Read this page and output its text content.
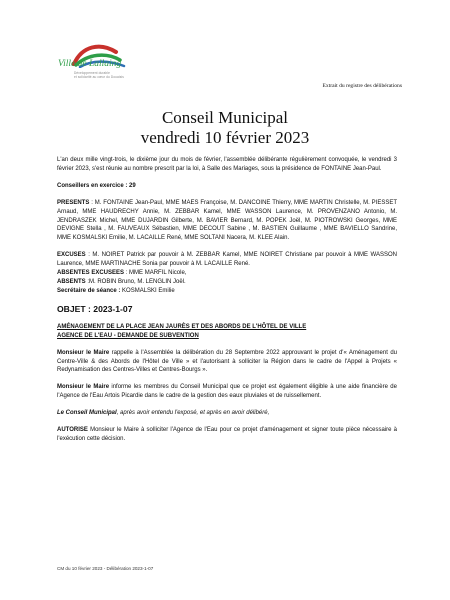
Ville de Lallaing
Développement durable
et solidarité au cœur du Douaisis
Extrait du registre des délibérations
Conseil Municipal
vendredi 10 février 2023

L'an deux mille vingt-trois, le dixième jour du mois de février, l'assemblée délibérante régulièrement convoquée, le vendredi 3 février 2023, s'est réunie au nombre prescrit par la loi, à Salle des Mariages, sous la présidence de FONTAINE Jean-Paul.

Conseillers en exercice : 29

PRESENTS : M. FONTAINE Jean-Paul, MME MAES Françoise, M. DANCOINE Thierry, MME MARTIN Christelle, M. PIESSET Arnaud, MME HAUDRECHY Annie, M. ZEBBAR Kamel, MME WASSON Laurence, M. PROVENZANO Antonio, M. JENDRASZEK Michel, MME DUJARDIN Gilberte, M. BAVIER Bernard, M. POPEK Joël, M. PIOTROWSKI Georges, MME DEVIGNE Stella , M. FAUVEAUX Sébastien, MME DECOUT Sabine , M. BASTIEN Guillaume , MME BAVIELLO Sandrine, MME KOSMALSKI Emilie, M. LACAILLE René, MME SOLTANI Nacera, M. KLEE Alain.

EXCUSES : M. NOIRET Patrick par pouvoir à M. ZEBBAR Kamel, MME NOIRET Christiane par pouvoir à MME WASSON Laurence, MME MARTINACHE Sonia par pouvoir à M. LACAILLE René.

ABSENTES EXCUSEES : MME MARFIL Nicole,

ABSENTS :M. ROBIN Bruno, M. LENGLIN Joël.

Secrétaire de séance : KOSMALSKI Emilie

OBJET : 2023-1-07

AMÉNAGEMENT DE LA PLACE JEAN JAURÈS ET DES ABORDS DE L'HÔTEL DE VILLE

AGENCE DE L'EAU - DEMANDE DE SUBVENTION

Monsieur le Maire rappelle à l'Assemblée la délibération du 28 Septembre 2022 approuvant le projet d'« Aménagement du Centre-Ville & des Abords de l'Hôtel de Ville » et l'autorisant à solliciter la Région dans le cadre de l'Appel à Projets « Redynamisation des Centres-Villes et Centres-Bourgs ».

Monsieur le Maire informe les membres du Conseil Municipal que ce projet est également éligible à une aide financière de l'Agence de l'Eau Artois Picardie dans le cadre de la gestion des eaux pluviales et de ruissellement.

Le Conseil Municipal, après avoir entendu l'exposé, et après en avoir délibéré,

AUTORISE Monsieur le Maire à solliciter l'Agence de l'Eau pour ce projet d'aménagement et signer toute pièce nécessaire à l'exécution cette décision.

CM du 10 février 2023 - Délibération 2023-1-07
